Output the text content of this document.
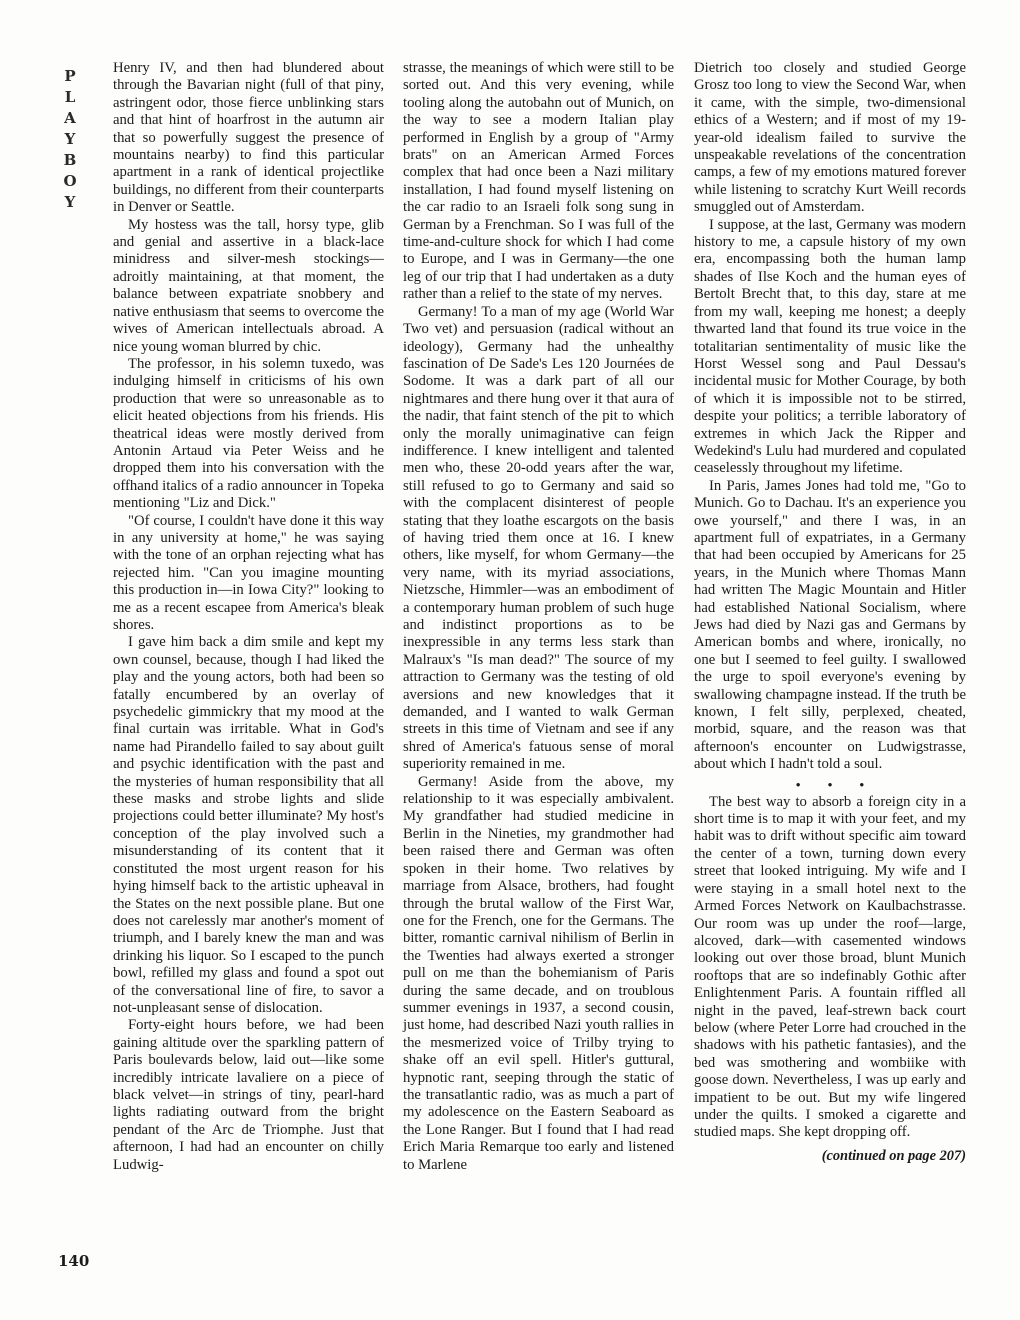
P
L
A
Y
B
O
Y

Henry IV, and then had blundered about through the Bavarian night (full of that piny, astringent odor, those fierce unblinking stars and that hint of hoarfrost in the autumn air that so powerfully suggest the presence of mountains nearby) to find this particular apartment in a rank of identical projectlike buildings, no different from their counterparts in Denver or Seattle.

My hostess was the tall, horsy type, glib and genial and assertive in a black-lace minidress and silver-mesh stockings—adroitly maintaining, at that moment, the balance between expatriate snobbery and native enthusiasm that seems to overcome the wives of American intellectuals abroad. A nice young woman blurred by chic.

The professor, in his solemn tuxedo, was indulging himself in criticisms of his own production that were so unreasonable as to elicit heated objections from his friends. His theatrical ideas were mostly derived from Antonin Artaud via Peter Weiss and he dropped them into his conversation with the offhand italics of a radio announcer in Topeka mentioning "Liz and Dick."

"Of course, I couldn't have done it this way in any university at home," he was saying with the tone of an orphan rejecting what has rejected him. "Can you imagine mounting this production in—in Iowa City?" looking to me as a recent escapee from America's bleak shores.

I gave him back a dim smile and kept my own counsel, because, though I had liked the play and the young actors, both had been so fatally encumbered by an overlay of psychedelic gimmickry that my mood at the final curtain was irritable. What in God's name had Pirandello failed to say about guilt and psychic identification with the past and the mysteries of human responsibility that all these masks and strobe lights and slide projections could better illuminate? My host's conception of the play involved such a misunderstanding of its content that it constituted the most urgent reason for his hying himself back to the artistic upheaval in the States on the next possible plane. But one does not carelessly mar another's moment of triumph, and I barely knew the man and was drinking his liquor. So I escaped to the punch bowl, refilled my glass and found a spot out of the conversational line of fire, to savor a not-unpleasant sense of dislocation.

Forty-eight hours before, we had been gaining altitude over the sparkling pattern of Paris boulevards below, laid out—like some incredibly intricate lavaliere on a piece of black velvet—in strings of tiny, pearl-hard lights radiating outward from the bright pendant of the Arc de Triomphe. Just that afternoon, I had had an encounter on chilly Ludwig-

strasse, the meanings of which were still to be sorted out. And this very evening, while tooling along the autobahn out of Munich, on the way to see a modern Italian play performed in English by a group of "Army brats" on an American Armed Forces complex that had once been a Nazi military installation, I had found myself listening on the car radio to an Israeli folk song sung in German by a Frenchman. So I was full of the time-and-culture shock for which I had come to Europe, and I was in Germany—the one leg of our trip that I had undertaken as a duty rather than a relief to the state of my nerves.

Germany! To a man of my age (World War Two vet) and persuasion (radical without an ideology), Germany had the unhealthy fascination of De Sade's Les 120 Journées de Sodome. It was a dark part of all our nightmares and there hung over it that aura of the nadir, that faint stench of the pit to which only the morally unimaginative can feign indifference. I knew intelligent and talented men who, these 20-odd years after the war, still refused to go to Germany and said so with the complacent disinterest of people stating that they loathe escargots on the basis of having tried them once at 16. I knew others, like myself, for whom Germany—the very name, with its myriad associations, Nietzsche, Himmler—was an embodiment of a contemporary human problem of such huge and indistinct proportions as to be inexpressible in any terms less stark than Malraux's "Is man dead?" The source of my attraction to Germany was the testing of old aversions and new knowledges that it demanded, and I wanted to walk German streets in this time of Vietnam and see if any shred of America's fatuous sense of moral superiority remained in me.

Germany! Aside from the above, my relationship to it was especially ambivalent. My grandfather had studied medicine in Berlin in the Nineties, my grandmother had been raised there and German was often spoken in their home. Two relatives by marriage from Alsace, brothers, had fought through the brutal wallow of the First War, one for the French, one for the Germans. The bitter, romantic carnival nihilism of Berlin in the Twenties had always exerted a stronger pull on me than the bohemianism of Paris during the same decade, and on troublous summer evenings in 1937, a second cousin, just home, had described Nazi youth rallies in the mesmerized voice of Trilby trying to shake off an evil spell. Hitler's guttural, hypnotic rant, seeping through the static of the transatlantic radio, was as much a part of my adolescence on the Eastern Seaboard as the Lone Ranger. But I found that I had read Erich Maria Remarque too early and listened to Marlene

Dietrich too closely and studied George Grosz too long to view the Second War, when it came, with the simple, two-dimensional ethics of a Western; and if most of my 19-year-old idealism failed to survive the unspeakable revelations of the concentration camps, a few of my emotions matured forever while listening to scratchy Kurt Weill records smuggled out of Amsterdam.

I suppose, at the last, Germany was modern history to me, a capsule history of my own era, encompassing both the human lamp shades of Ilse Koch and the human eyes of Bertolt Brecht that, to this day, stare at me from my wall, keeping me honest; a deeply thwarted land that found its true voice in the totalitarian sentimentality of music like the Horst Wessel song and Paul Dessau's incidental music for Mother Courage, by both of which it is impossible not to be stirred, despite your politics; a terrible laboratory of extremes in which Jack the Ripper and Wedekind's Lulu had murdered and copulated ceaselessly throughout my lifetime.

In Paris, James Jones had told me, "Go to Munich. Go to Dachau. It's an experience you owe yourself," and there I was, in an apartment full of expatriates, in a Germany that had been occupied by Americans for 25 years, in the Munich where Thomas Mann had written The Magic Mountain and Hitler had established National Socialism, where Jews had died by Nazi gas and Germans by American bombs and where, ironically, no one but I seemed to feel guilty. I swallowed the urge to spoil everyone's evening by swallowing champagne instead. If the truth be known, I felt silly, perplexed, cheated, morbid, square, and the reason was that afternoon's encounter on Ludwigstrasse, about which I hadn't told a soul.

• • •

The best way to absorb a foreign city in a short time is to map it with your feet, and my habit was to drift without specific aim toward the center of a town, turning down every street that looked intriguing. My wife and I were staying in a small hotel next to the Armed Forces Network on Kaulbachstrasse. Our room was up under the roof—large, alcoved, dark—with casemented windows looking out over those broad, blunt Munich rooftops that are so indefinably Gothic after Enlightenment Paris. A fountain riffled all night in the paved, leaf-strewn back court below (where Peter Lorre had crouched in the shadows with his pathetic fantasies), and the bed was smothering and wombiike with goose down. Nevertheless, I was up early and impatient to be out. But my wife lingered under the quilts. I smoked a cigarette and studied maps. She kept dropping off.

(continued on page 207)
140
